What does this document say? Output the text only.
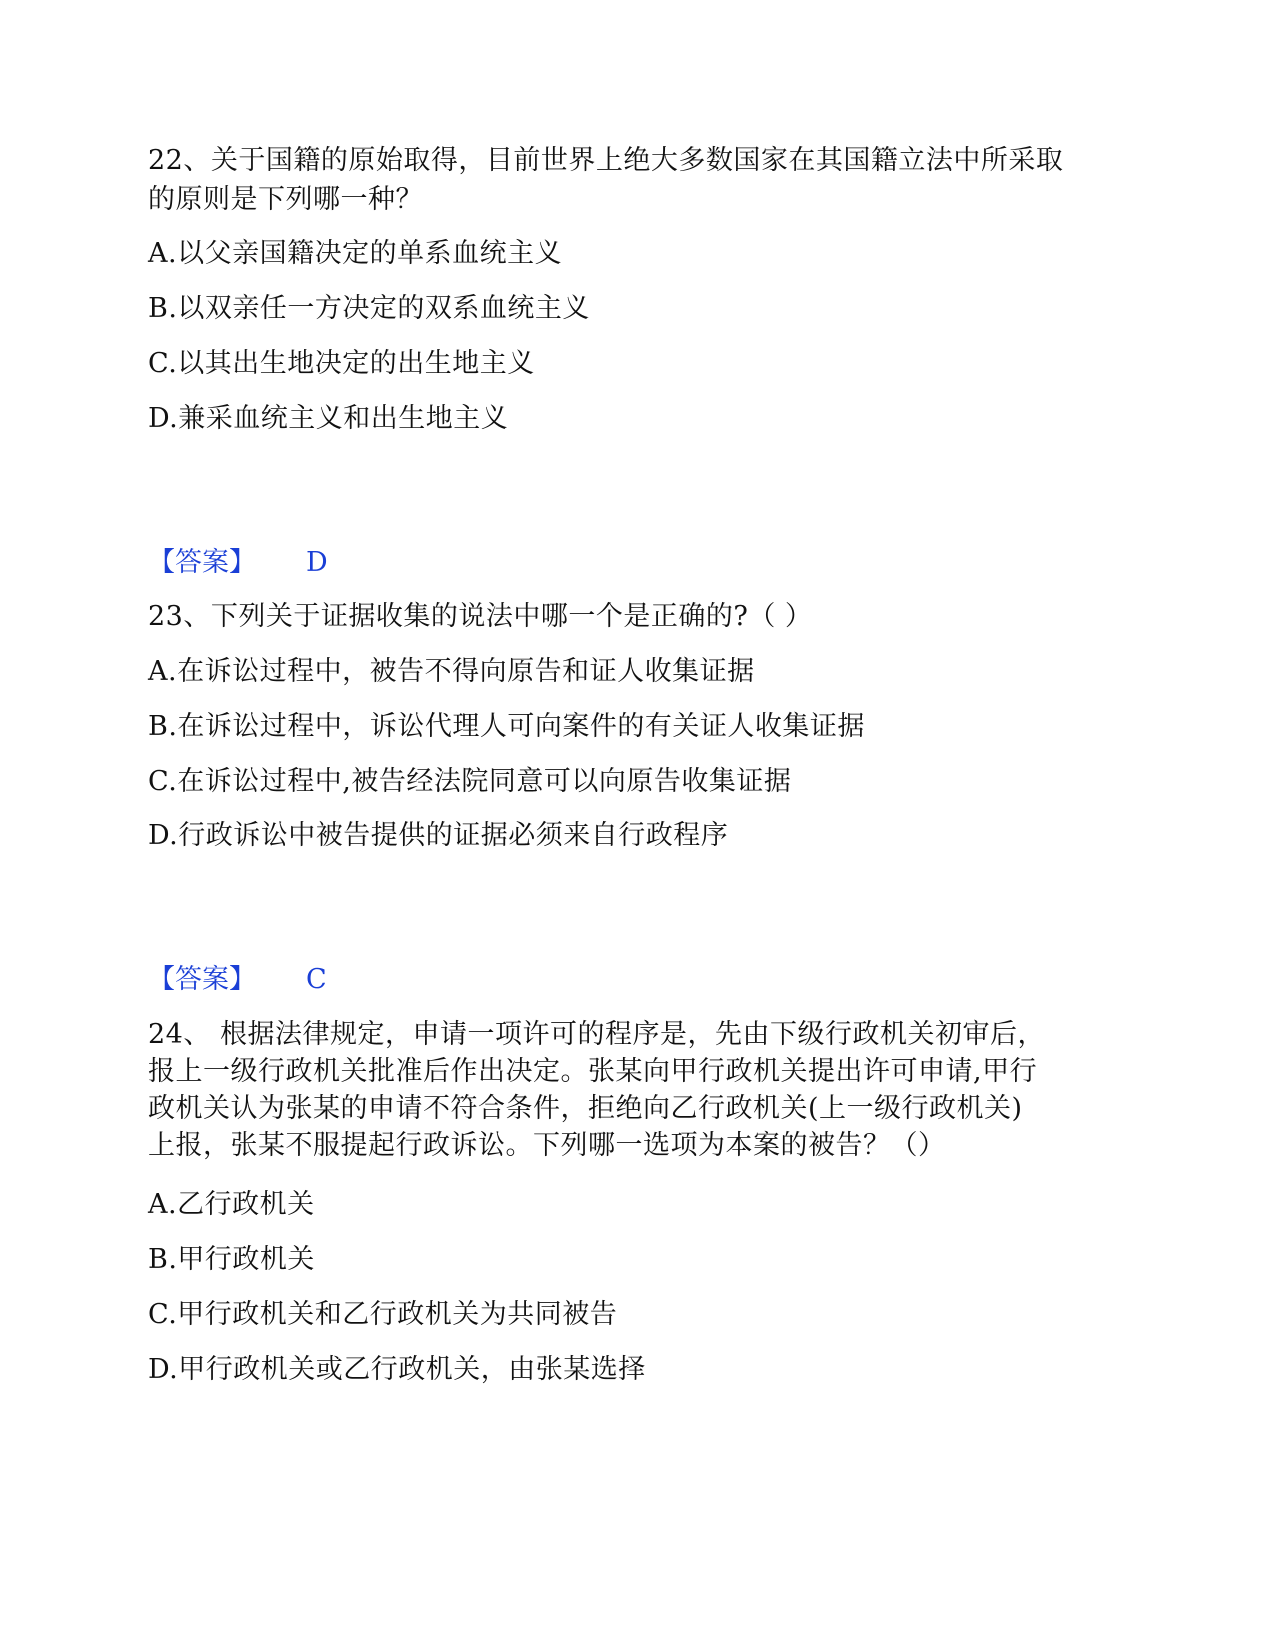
22、关于国籍的原始取得，目前世界上绝大多数国家在其国籍立法中所采取
的原则是下列哪一种？
A.以父亲国籍决定的单系血统主义
B.以双亲任一方决定的双系血统主义
C.以其出生地决定的出生地主义
D.兼采血统主义和出生地主义
【答案】 D
23、下列关于证据收集的说法中哪一个是正确的?（ ）
A.在诉讼过程中，被告不得向原告和证人收集证据
B.在诉讼过程中，诉讼代理人可向案件的有关证人收集证据
C.在诉讼过程中,被告经法院同意可以向原告收集证据
D.行政诉讼中被告提供的证据必须来自行政程序
【答案】 C
24、 根据法律规定，申请一项许可的程序是，先由下级行政机关初审后，
报上一级行政机关批准后作出决定。张某向甲行政机关提出许可申请,甲行
政机关认为张某的申请不符合条件，拒绝向乙行政机关(上一级行政机关)
上报，张某不服提起行政诉讼。下列哪一选项为本案的被告？（）
A.乙行政机关
B.甲行政机关
C.甲行政机关和乙行政机关为共同被告
D.甲行政机关或乙行政机关，由张某选择
